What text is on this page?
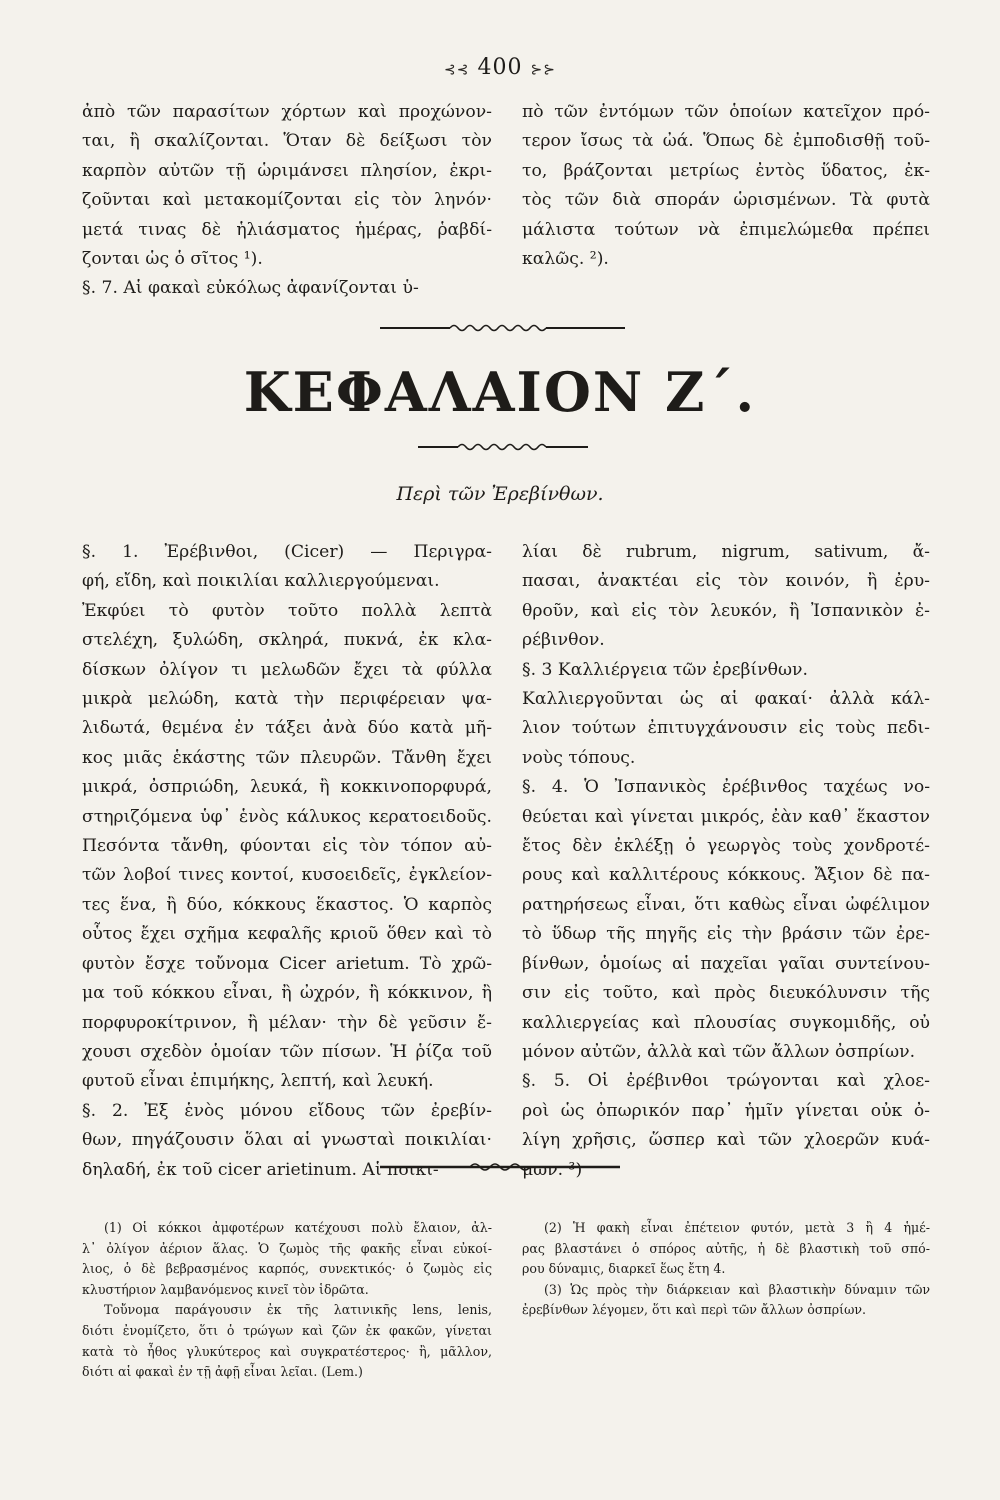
⊰⊰ 400 ⊱⊱
ἀπὸ τῶν παρασίτων χόρτων καὶ προχώνον-
ται, ἢ σκαλίζονται. Ὅταν δὲ δείξωσι τὸν
καρπὸν αὐτῶν τῇ ὡριμάνσει πλησίον, ἐκρι-
ζοῦνται καὶ μετακομίζονται εἰς τὸν ληνόν·
μετά τινας δὲ ἡλιάσματος ἡμέρας, ῥαβδί-
ζονται ὡς ὁ σῖτος ¹).
§. 7. Αἱ φακαὶ εὐκόλως ἀφανίζονται ὑ-
πὸ τῶν ἐντόμων τῶν ὁποίων κατεῖχον πρό-
τερον ἴσως τὰ ὠά. Ὅπως δὲ ἐμποδισθῇ τοῦ-
το, βράζονται μετρίως ἐντὸς ὕδατος, ἐκ-
τὸς τῶν διὰ σποράν ὡρισμένων. Τὰ φυτὰ
μάλιστα τούτων νὰ ἐπιμελώμεθα πρέπει
καλῶς. ²).
ΚΕΦΑΛΑΙΟΝ Ζ΄.
Περὶ τῶν Ἐρεβίνθων.
§. 1. Ἐρέβινθοι, (Cicer) — Περιγρα-
φή, εἴδη, καὶ ποικιλίαι καλλιεργούμεναι.
Ἐκφύει τὸ φυτὸν τοῦτο πολλὰ λεπτὰ
στελέχη, ξυλώδη, σκληρά, πυκνά, ἐκ κλα-
δίσκων ὀλίγον τι μελωδῶν ἔχει τὰ φύλλα
μικρὰ μελώδη, κατὰ τὴν περιφέρειαν ψα-
λιδωτά, θεμένα ἐν τάξει ἀνὰ δύο κατὰ μῆ-
κος μιᾶς ἑκάστης τῶν πλευρῶν. Τἄνθη ἔχει
μικρά, ὀσπριώδη, λευκά, ἢ κοκκινοπορφυρά,
στηριζόμενα ὑφ᾽ ἑνὸς κάλυκος κερατοειδοῦς.
Πεσόντα τἄνθη, φύονται εἰς τὸν τόπον αὐ-
τῶν λοβοί τινες κοντοί, κυσοειδεῖς, ἐγκλείον-
τες ἕνα, ἢ δύο, κόκκους ἕκαστος. Ὁ καρπὸς
οὗτος ἔχει σχῆμα κεφαλῆς κριοῦ ὅθεν καὶ τὸ
φυτὸν ἔσχε τοὔνομα Cicer arietum. Τὸ χρῶ-
μα τοῦ κόκκου εἶναι, ἢ ὠχρόν, ἢ κόκκινον, ἢ
πορφυροκίτρινον, ἢ μέλαν· τὴν δὲ γεῦσιν ἔ-
χουσι σχεδὸν ὁμοίαν τῶν πίσων. Ἡ ῥίζα τοῦ
φυτοῦ εἶναι ἐπιμήκης, λεπτή, καὶ λευκή.
§. 2. Ἐξ ἑνὸς μόνου εἴδους τῶν ἐρεβίν-
θων, πηγάζουσιν ὅλαι αἱ γνωσταὶ ποικιλίαι·
δηλαδή, ἐκ τοῦ cicer arietinum. Αἱ ποικι-
λίαι δὲ rubrum, nigrum, sativum, ἄ-
πασαι, ἀνακτέαι εἰς τὸν κοινόν, ἢ ἐρυ-
θροῦν, καὶ εἰς τὸν λευκόν, ἢ Ἰσπανικὸν ἐ-
ρέβινθον.
§. 3 Καλλιέργεια τῶν ἐρεβίνθων.
Καλλιεργοῦνται ὡς αἱ φακαί· ἀλλὰ κάλ-
λιον τούτων ἐπιτυγχάνουσιν εἰς τοὺς πεδι-
νοὺς τόπους.
§. 4. Ὁ Ἰσπανικὸς ἐρέβινθος ταχέως νο-
θεύεται καὶ γίνεται μικρός, ἐὰν καθ᾽ ἕκαστον
ἔτος δὲν ἐκλέξῃ ὁ γεωργὸς τοὺς χονδροτέ-
ρους καὶ καλλιτέρους κόκκους. Ἄξιον δὲ πα-
ρατηρήσεως εἶναι, ὅτι καθὼς εἶναι ὠφέλιμον
τὸ ὕδωρ τῆς πηγῆς εἰς τὴν βράσιν τῶν ἐρε-
βίνθων, ὁμοίως αἱ παχεῖαι γαῖαι συντείνου-
σιν εἰς τοῦτο, καὶ πρὸς διευκόλυνσιν τῆς
καλλιεργείας καὶ πλουσίας συγκομιδῆς, οὐ
μόνον αὐτῶν, ἀλλὰ καὶ τῶν ἄλλων ὀσπρίων.
§. 5. Οἱ ἐρέβινθοι τρώγονται καὶ χλοε-
ροὶ ὡς ὀπωρικόν παρ᾽ ἡμῖν γίνεται οὐκ ὀ-
λίγη χρῆσις, ὥσπερ καὶ τῶν χλοερῶν κυά-
μων. ³)
(1) Οἱ κόκκοι ἀμφοτέρων κατέχουσι πολὺ ἔλαιον, ἀλ-
λ᾽ ὀλίγον ἀέριον ἅλας. Ὁ ζωμὸς τῆς φακῆς εἶναι εὐκοί-
λιος, ὁ δὲ βεβρασμένος καρπός, συνεκτικός· ὁ ζωμὸς εἰς
κλυστήριον λαμβανόμενος κινεῖ τὸν ἱδρῶτα.
Τοὔνομα παράγουσιν ἐκ τῆς λατινικῆς lens, lenis,
διότι ἐνομίζετο, ὅτι ὁ τρώγων καὶ ζῶν ἐκ φακῶν, γίνεται
κατὰ τὸ ἦθος γλυκύτερος καὶ συγκρατέστερος· ἢ, μᾶλλον,
διότι αἱ φακαὶ ἐν τῇ ἀφῇ εἶναι λεῖαι. (Lem.)
(2) Ἡ φακὴ εἶναι ἐπέτειον φυτόν, μετὰ 3 ἢ 4 ἡμέ-
ρας βλαστάνει ὁ σπόρος αὐτῆς, ἡ δὲ βλαστικὴ τοῦ σπό-
ρου δύναμις, διαρκεῖ ἕως ἔτη 4.
(3) Ὡς πρὸς τὴν διάρκειαν καὶ βλαστικὴν δύναμιν τῶν
ἐρεβίνθων λέγομεν, ὅτι καὶ περὶ τῶν ἄλλων ὀσπρίων.
